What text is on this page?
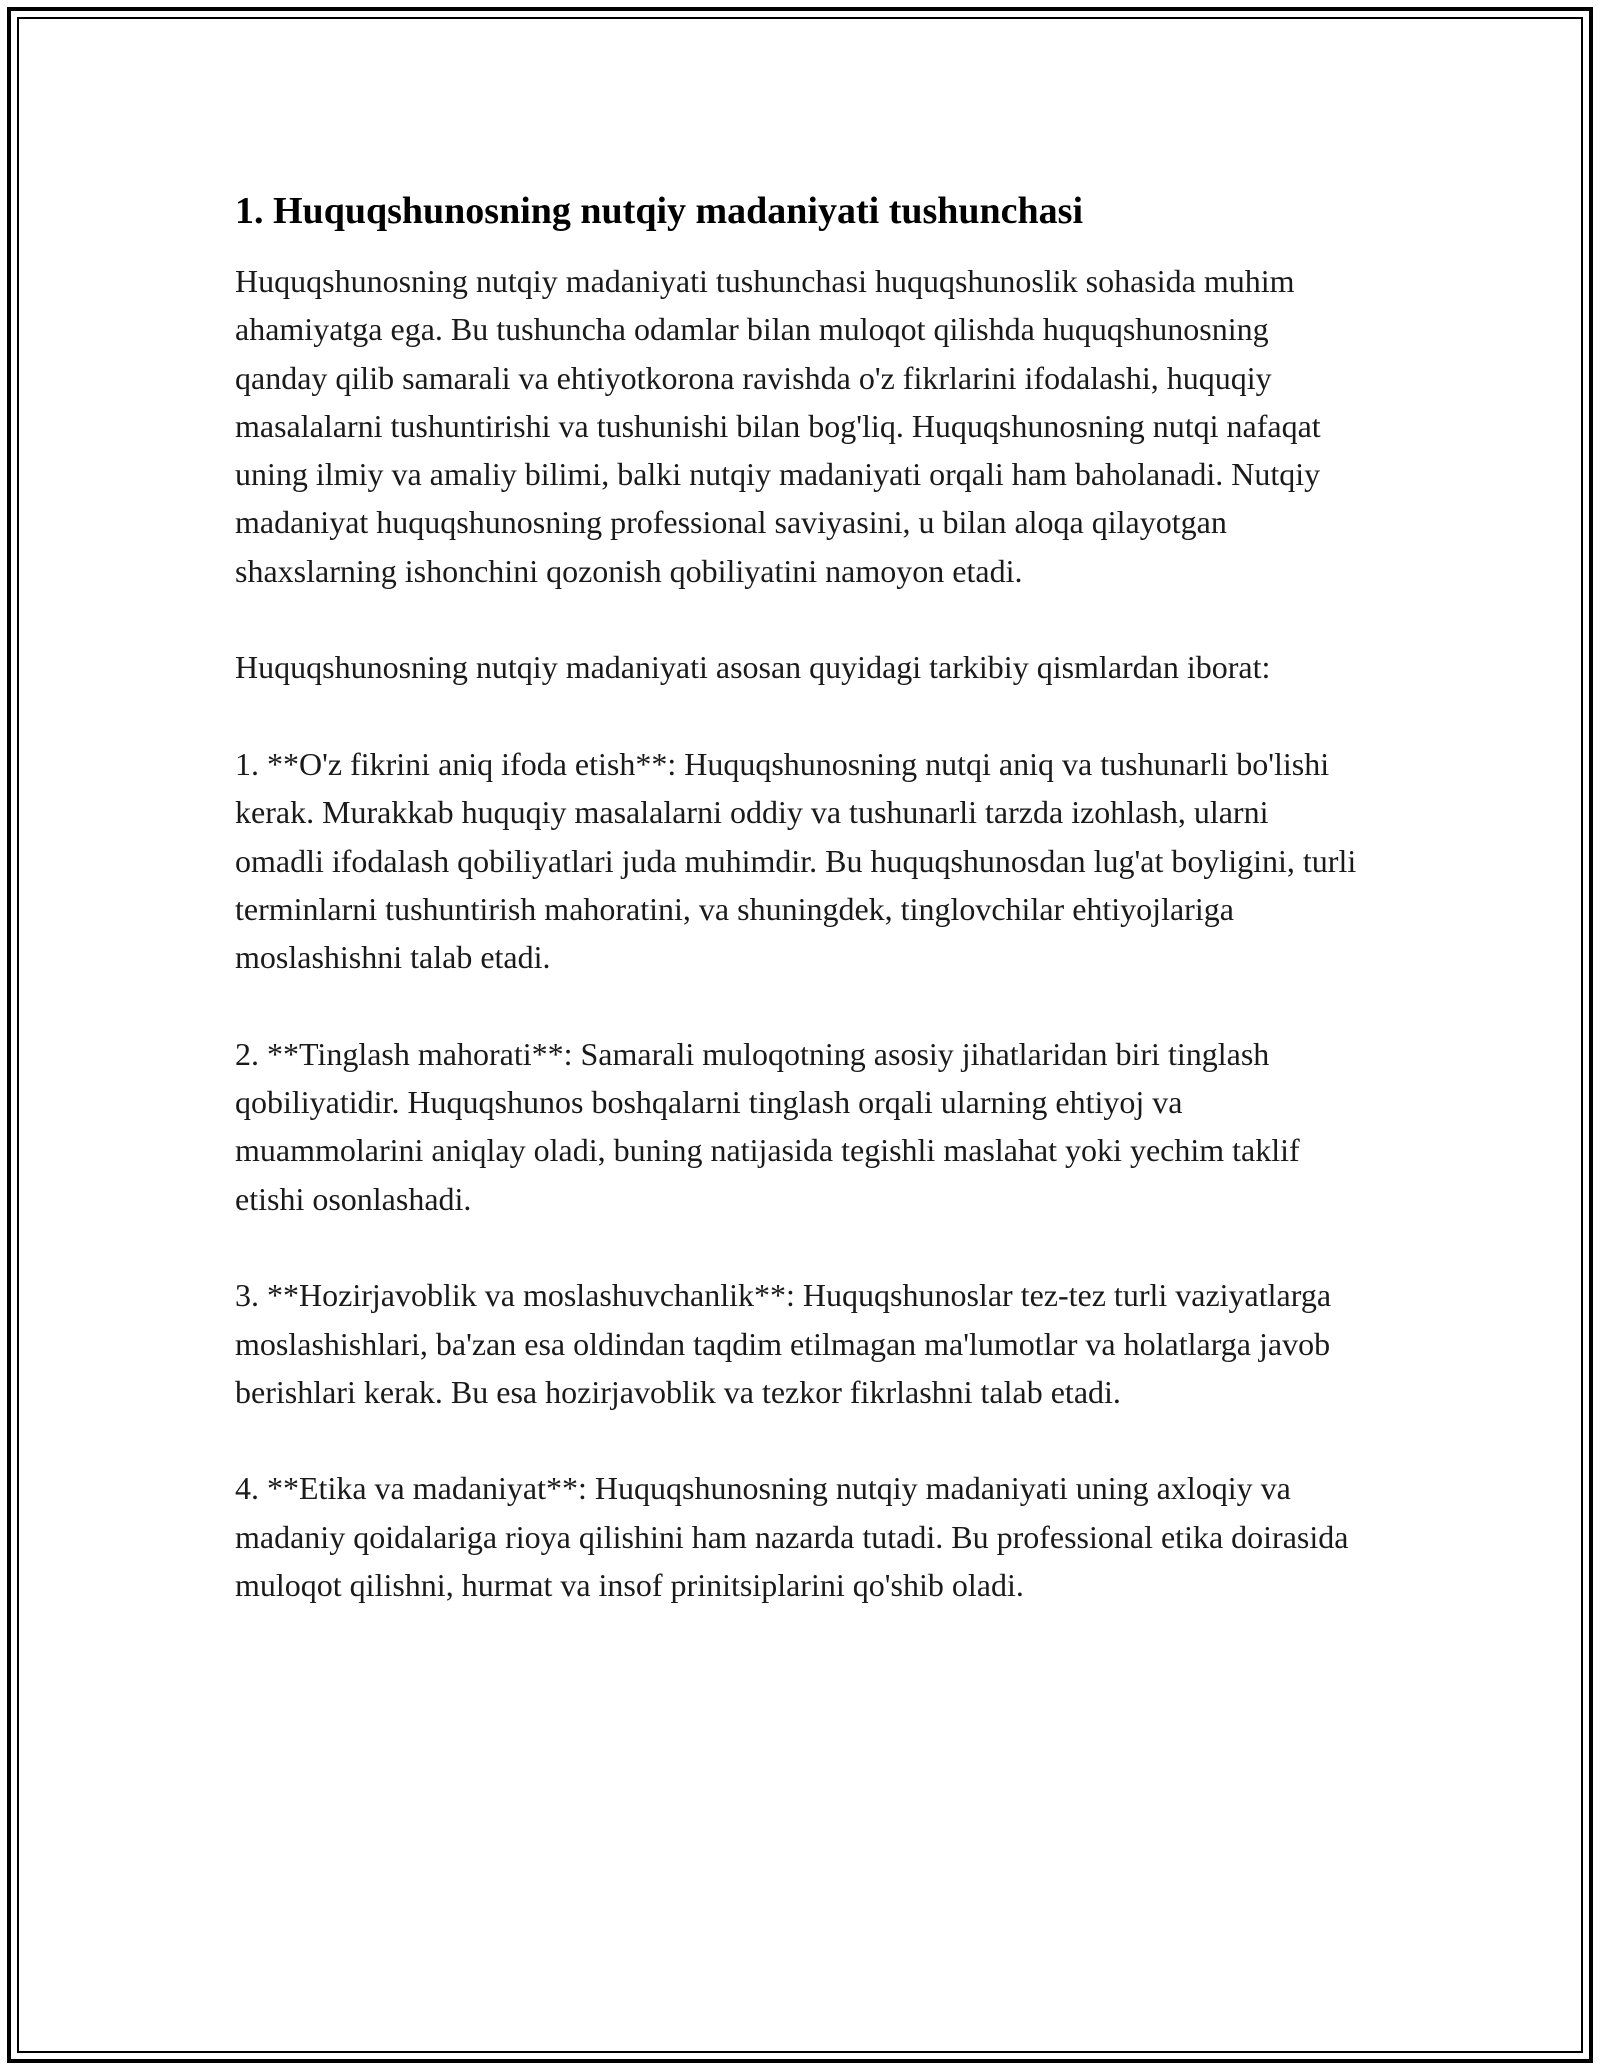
1. Huquqshunosning nutqiy madaniyati tushunchasi

Huquqshunosning nutqiy madaniyati tushunchasi huquqshunoslik sohasida muhim ahamiyatga ega. Bu tushuncha odamlar bilan muloqot qilishda huquqshunosning qanday qilib samarali va ehtiyotkorona ravishda o'z fikrlarini ifodalashi, huquqiy masalalarni tushuntirishi va tushunishi bilan bog'liq. Huquqshunosning nutqi nafaqat uning ilmiy va amaliy bilimi, balki nutqiy madaniyati orqali ham baholanadi. Nutqiy madaniyat huquqshunosning professional saviyasini, u bilan aloqa qilayotgan shaxslarning ishonchini qozonish qobiliyatini namoyon etadi.

Huquqshunosning nutqiy madaniyati asosan quyidagi tarkibiy qismlardan iborat:

1. **O'z fikrini aniq ifoda etish**: Huquqshunosning nutqi aniq va tushunarli bo'lishi kerak. Murakkab huquqiy masalalarni oddiy va tushunarli tarzda izohlash, ularni omadli ifodalash qobiliyatlari juda muhimdir. Bu huquqshunosdan lug'at boyligini, turli terminlarni tushuntirish mahoratini, va shuningdek, tinglovchilar ehtiyojlariga moslashishni talab etadi.

2. **Tinglash mahorati**: Samarali muloqotning asosiy jihatlaridan biri tinglash qobiliyatidir. Huquqshunos boshqalarni tinglash orqali ularning ehtiyoj va muammolarini aniqlay oladi, buning natijasida tegishli maslahat yoki yechim taklif etishi osonlashadi.

3. **Hozirjavoblik va moslashuvchanlik**: Huquqshunoslar tez-tez turli vaziyatlarga moslashishlari, ba'zan esa oldindan taqdim etilmagan ma'lumotlar va holatlarga javob berishlari kerak. Bu esa hozirjavoblik va tezkor fikrlashni talab etadi.

4. **Etika va madaniyat**: Huquqshunosning nutqiy madaniyati uning axloqiy va madaniy qoidalariga rioya qilishini ham nazarda tutadi. Bu professional etika doirasida muloqot qilishni, hurmat va insof prinitsiplarini qo'shib oladi.
